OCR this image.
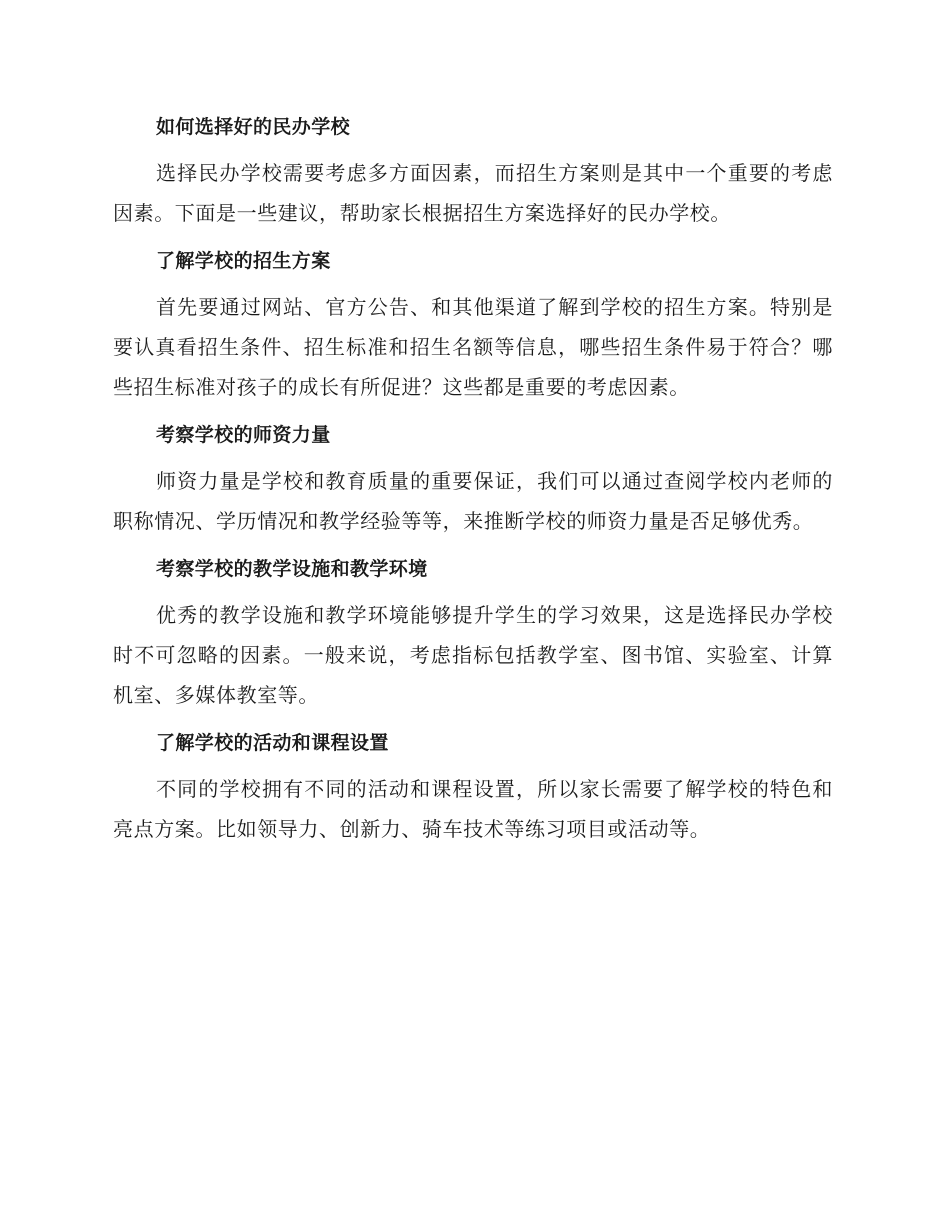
如何选择好的民办学校
选择民办学校需要考虑多方面因素，而招生方案则是其中一个重要的考虑因素。下面是一些建议，帮助家长根据招生方案选择好的民办学校。
了解学校的招生方案
首先要通过网站、官方公告、和其他渠道了解到学校的招生方案。特别是要认真看招生条件、招生标准和招生名额等信息，哪些招生条件易于符合？哪些招生标准对孩子的成长有所促进？这些都是重要的考虑因素。
考察学校的师资力量
师资力量是学校和教育质量的重要保证，我们可以通过查阅学校内老师的职称情况、学历情况和教学经验等等，来推断学校的师资力量是否足够优秀。
考察学校的教学设施和教学环境
优秀的教学设施和教学环境能够提升学生的学习效果，这是选择民办学校时不可忽略的因素。一般来说，考虑指标包括教学室、图书馆、实验室、计算机室、多媒体教室等。
了解学校的活动和课程设置
不同的学校拥有不同的活动和课程设置，所以家长需要了解学校的特色和亮点方案。比如领导力、创新力、骑车技术等练习项目或活动等。
